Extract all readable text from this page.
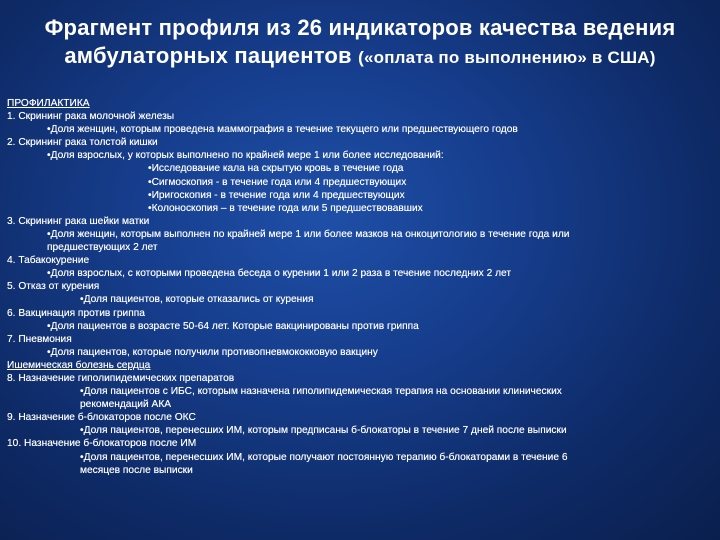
Фрагмент профиля из 26 индикаторов качества ведения
амбулаторных пациентов («оплата по выполнению» в США)
ПРОФИЛАКТИКА
1. Скрининг рака молочной железы
•Доля женщин, которым проведена маммография в течение текущего или предшествующего годов
2. Скрининг рака толстой кишки
•Доля взрослых, у которых выполнено по крайней мере 1 или более исследований:
•Исследование кала на скрытую кровь в течение года
•Сигмоскопия - в течение года или 4 предшествующих
•Иригоскопия - в течение года или 4 предшествующих
•Колоноскопия – в течение года или 5 предшествовавших
3. Скрининг рака шейки матки
•Доля женщин, которым выполнен по крайней мере 1 или более мазков на онкоцитологию в течение года или
предшествующих 2 лет
4. Табакокурение
•Доля взрослых, с которыми проведена беседа о курении 1 или 2 раза в течение последних 2 лет
5. Отказ от курения
•Доля пациентов, которые отказались от курения
6. Вакцинация против гриппа
•Доля пациентов в возрасте 50-64 лет. Которые вакцинированы против гриппа
7. Пневмония
•Доля пациентов, которые получили противопневмококковую вакцину
Ишемическая болезнь сердца
8. Назначение гиполипидемических препаратов
•Доля пациентов с ИБС, которым назначена гиполипидемическая терапия на основании клинических
рекомендаций АКА
9. Назначение б-блокаторов после ОКС
•Доля пациентов, перенесших ИМ, которым предписаны б-блокаторы в течение 7 дней после выписки
10. Назначение б-блокаторов после ИМ
•Доля пациентов, перенесших ИМ, которые получают постоянную терапию б-блокаторами в течение 6
месяцев после выписки
